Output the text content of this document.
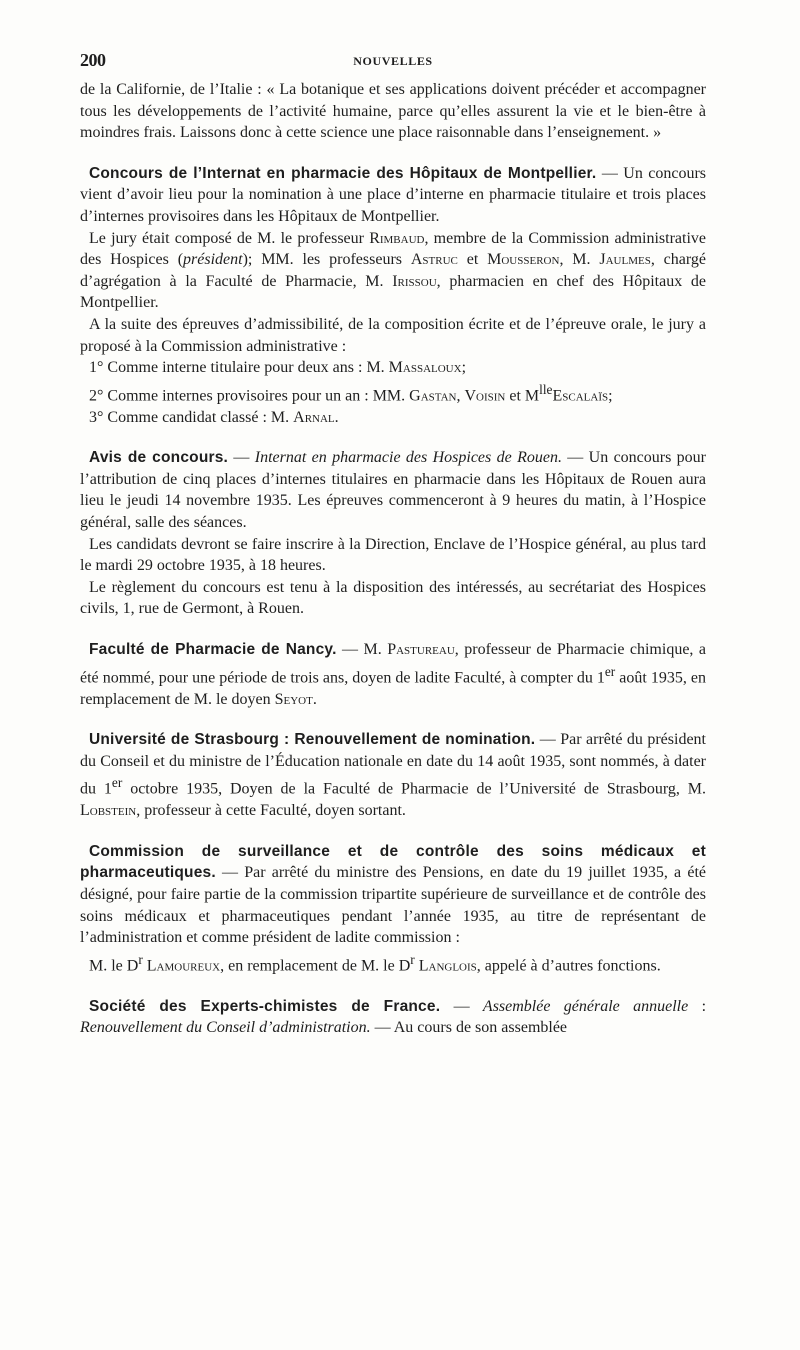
200	NOUVELLES

de la Californie, de l’Italie : « La botanique et ses applications doivent précéder et accompagner tous les développements de l’activité humaine, parce qu’elles assurent la vie et le bien-être à moindres frais. Laissons donc à cette science une place raisonnable dans l’enseignement. »

Concours de l’Internat en pharmacie des Hôpitaux de Montpellier. — Un concours vient d’avoir lieu pour la nomination à une place d’interne en pharmacie titulaire et trois places d’internes provisoires dans les Hôpitaux de Montpellier.

Le jury était composé de M. le professeur Rimbaud, membre de la Commission administrative des Hospices (président); MM. les professeurs Astruc et Mousseron, M. Jaulmes, chargé d’agrégation à la Faculté de Pharmacie, M. Irissou, pharmacien en chef des Hôpitaux de Montpellier.

A la suite des épreuves d’admissibilité, de la composition écrite et de l’épreuve orale, le jury a proposé à la Commission administrative :

1° Comme interne titulaire pour deux ans : M. Massaloux;

2° Comme internes provisoires pour un an : MM. Gastan, Voisin et $M^{lle}Escalaïs$;

3° Comme candidat classé : M. Arnal.

Avis de concours. — Internat en pharmacie des Hospices de Rouen. — Un concours pour l’attribution de cinq places d’internes titulaires en pharmacie dans les Hôpitaux de Rouen aura lieu le jeudi 14 novembre 1935. Les épreuves commenceront à 9 heures du matin, à l’Hospice général, salle des séances.

Les candidats devront se faire inscrire à la Direction, Enclave de l’Hospice général, au plus tard le mardi 29 octobre 1935, à 18 heures.

Le règlement du concours est tenu à la disposition des intéressés, au secrétariat des Hospices civils, 1, rue de Germont, à Rouen.

Faculté de Pharmacie de Nancy. — M. Pastureau, professeur de Pharmacie chimique, a été nommé, pour une période de trois ans, doyen de ladite Faculté, à compter du 1er août 1935, en remplacement de M. le doyen Seyot.

Université de Strasbourg : Renouvellement de nomination. — Par arrêté du président du Conseil et du ministre de l’Éducation nationale en date du 14 août 1935, sont nommés, à dater du 1er octobre 1935, Doyen de la Faculté de Pharmacie de l’Université de Strasbourg, M. Lobstein, professeur à cette Faculté, doyen sortant.

Commission de surveillance et de contrôle des soins médicaux et pharmaceutiques. — Par arrêté du ministre des Pensions, en date du 19 juillet 1935, a été désigné, pour faire partie de la commission tripartite supérieure de surveillance et de contrôle des soins médicaux et pharmaceutiques pendant l’année 1935, au titre de représentant de l’administration et comme président de ladite commission :

M. le $D^r$ Lamoureux, en remplacement de M. le $D^r$ Langlois, appelé à d’autres fonctions.

Société des Experts-chimistes de France. — Assemblée générale annuelle : Renouvellement du Conseil d’administration. — Au cours de son assemblée
